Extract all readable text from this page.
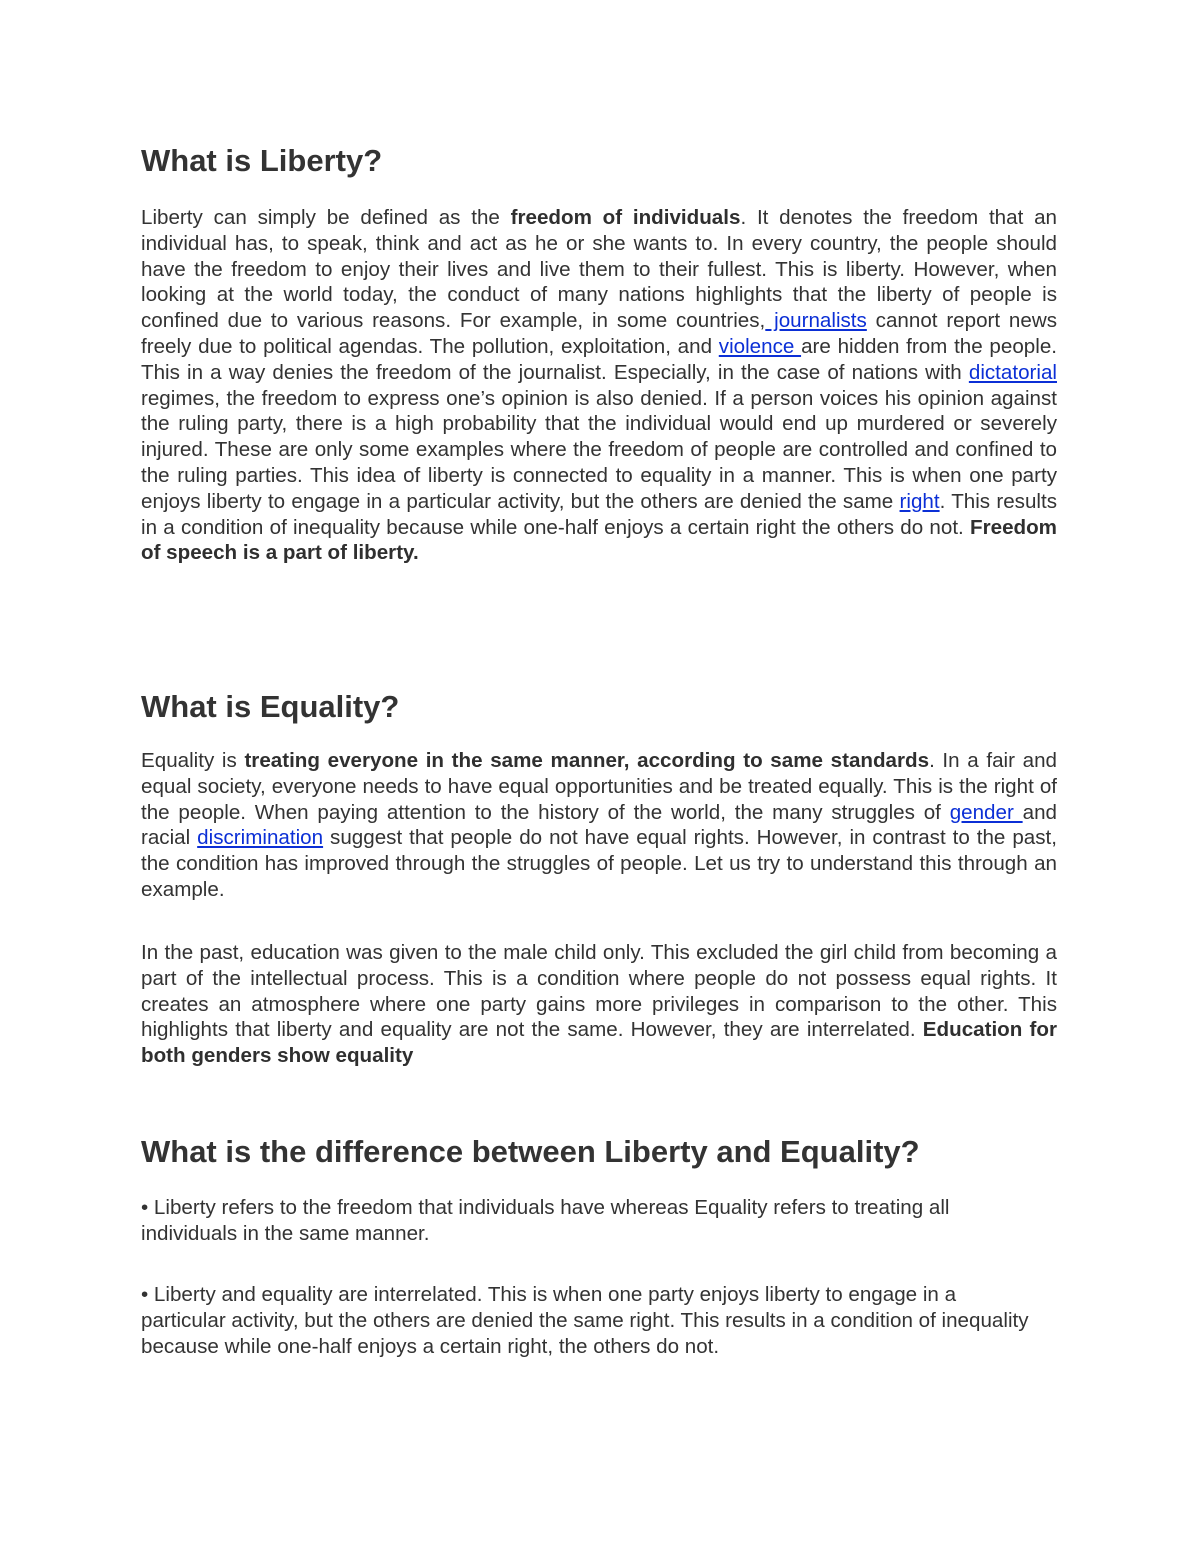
What is Liberty?

Liberty can simply be defined as the freedom of individuals. It denotes the freedom that an individual has, to speak, think and act as he or she wants to. In every country, the people should have the freedom to enjoy their lives and live them to their fullest. This is liberty. However, when looking at the world today, the conduct of many nations highlights that the liberty of people is confined due to various reasons. For example, in some countries, journalists cannot report news freely due to political agendas. The pollution, exploitation, and violence are hidden from the people. This in a way denies the freedom of the journalist. Especially, in the case of nations with dictatorial regimes, the freedom to express one’s opinion is also denied. If a person voices his opinion against the ruling party, there is a high probability that the individual would end up murdered or severely injured. These are only some examples where the freedom of people are controlled and confined to the ruling parties. This idea of liberty is connected to equality in a manner. This is when one party enjoys liberty to engage in a particular activity, but the others are denied the same right. This results in a condition of inequality because while one-half enjoys a certain right the others do not. Freedom of speech is a part of liberty.

What is Equality?

Equality is treating everyone in the same manner, according to same standards. In a fair and equal society, everyone needs to have equal opportunities and be treated equally. This is the right of the people. When paying attention to the history of the world, the many struggles of gender and racial discrimination suggest that people do not have equal rights. However, in contrast to the past, the condition has improved through the struggles of people. Let us try to understand this through an example.

In the past, education was given to the male child only. This excluded the girl child from becoming a part of the intellectual process. This is a condition where people do not possess equal rights. It creates an atmosphere where one party gains more privileges in comparison to the other. This highlights that liberty and equality are not the same. However, they are interrelated. Education for both genders show equality

What is the difference between Liberty and Equality?

• Liberty refers to the freedom that individuals have whereas Equality refers to treating all individuals in the same manner.

• Liberty and equality are interrelated. This is when one party enjoys liberty to engage in a particular activity, but the others are denied the same right. This results in a condition of inequality because while one-half enjoys a certain right, the others do not.
